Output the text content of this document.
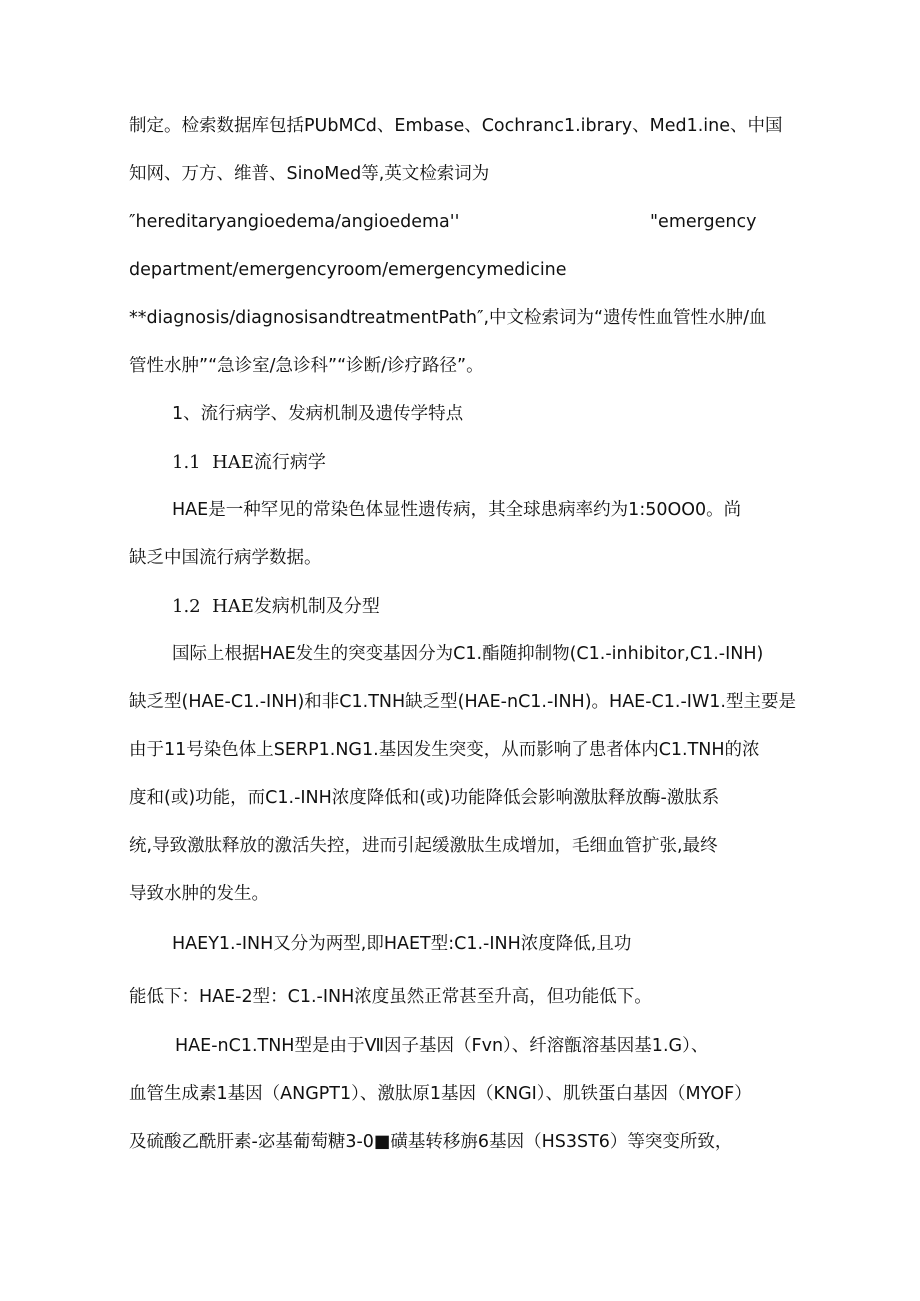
制定。检索数据库包括PUbMCd、Embase、Cochranc1.ibrary、Med1.ine、中国
知网、万方、维普、SinoMed等,英文检索词为
″hereditaryangioedema/angioedema''	"emergency
department/emergencyroom/emergencymedicine
**diagnosis/diagnosisandtreatmentPath″,中文检索词为“遗传性血管性水肿/血
管性水肿”“急诊室/急诊科”“诊断/诊疗路径”。
1、流行病学、发病机制及遗传学特点
1.1  HAE流行病学
HAE是一种罕见的常染色体显性遗传病，其全球患病率约为1:50OO0。尚
缺乏中国流行病学数据。
1.2  HAE发病机制及分型
国际上根据HAE发生的突变基因分为C1.酯随抑制物(C1.-inhibitor,C1.-INH)
缺乏型(HAE-C1.-INH)和非C1.TNH缺乏型(HAE-nC1.-INH)。HAE-C1.-IW1.型主要是
由于11号染色体上SERP1.NG1.基因发生突变，从而影响了患者体内C1.TNH的浓
度和(或)功能，而C1.-INH浓度降低和(或)功能降低会影响激肽释放酶-激肽系
统,导致激肽释放的激活失控，进而引起缓激肽生成增加，毛细血管扩张,最终
导致水肿的发生。
HAEY1.-INH又分为两型,即HAET型:C1.-INH浓度降低,且功
能低下：HAE-2型：C1.-INH浓度虽然正常甚至升高，但功能低下。
HAE-nC1.TNH型是由于Ⅶ因子基因（Fvn）、纤溶甑溶基因基1.G）、
血管生成素1基因（ANGPT1）、激肽原1基因（KNGI）、肌铁蛋白基因（MYOF）
及硫酸乙酰肝素-宓基葡萄糖3-0■磺基转移旃6基因（HS3ST6）等突变所致，
